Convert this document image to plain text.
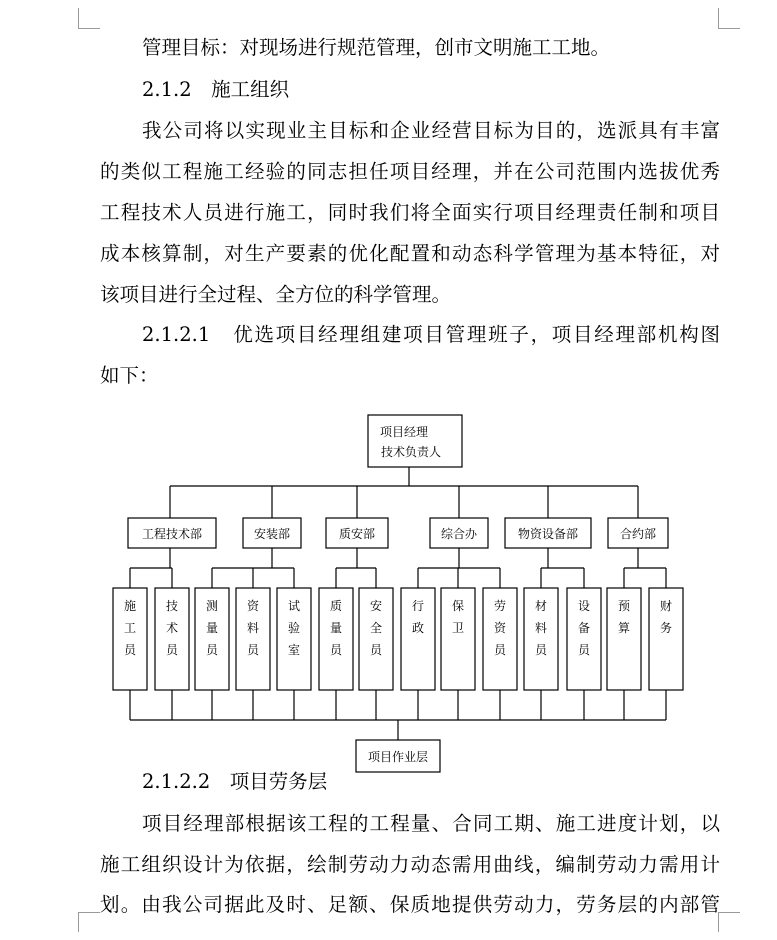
管理目标：对现场进行规范管理，创市文明施工工地。
2.1.2　施工组织
我公司将以实现业主目标和企业经营目标为目的，选派具有丰富
的类似工程施工经验的同志担任项目经理，并在公司范围内选拔优秀
工程技术人员进行施工，同时我们将全面实行项目经理责任制和项目
成本核算制，对生产要素的优化配置和动态科学管理为基本特征，对
该项目进行全过程、全方位的科学管理。
2.1.2.1　优选项目经理组建项目管理班子，项目经理部机构图
如下：
2.1.2.2　项目劳务层
项目经理部根据该工程的工程量、合同工期、施工进度计划，以
施工组织设计为依据，绘制劳动力动态需用曲线，编制劳动力需用计
划。由我公司据此及时、足额、保质地提供劳动力，劳务层的内部管
项目经理
技术负责人
工程技术部	安装部	质安部	综合办	物资设备部	合约部
施
工
员
技
术
员
测
量
员
资
料
员
试
验
室
质
量
员
安
全
员
行
政
保
卫
劳
资
员
材
料
员
设
备
员
预
算
财
务
项目作业层
